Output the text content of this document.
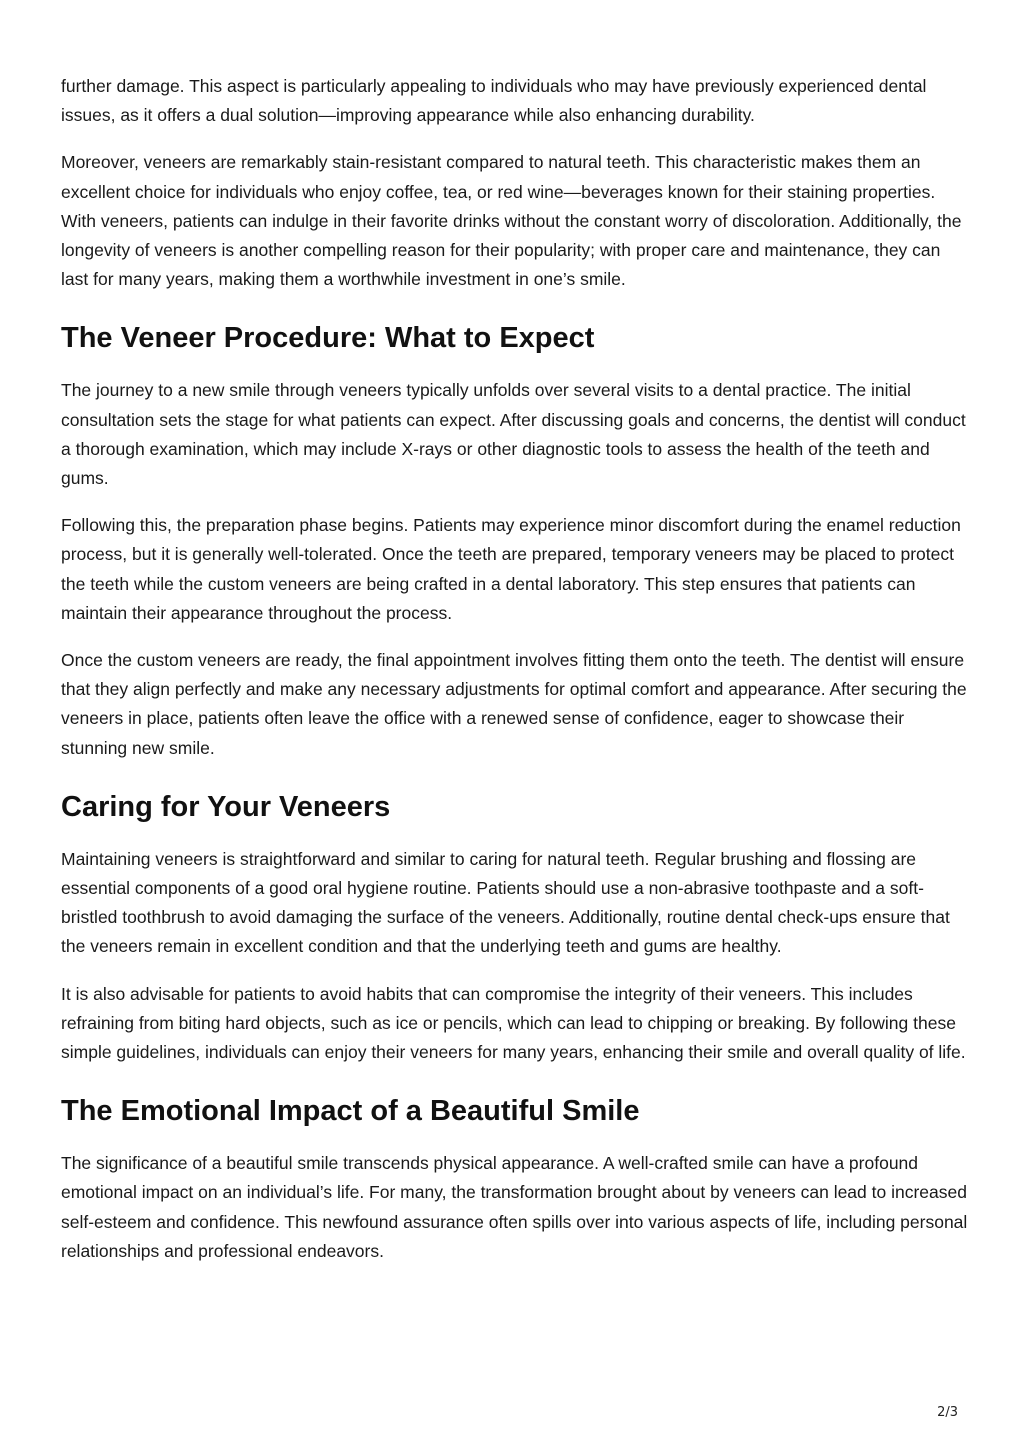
further damage. This aspect is particularly appealing to individuals who may have previously experienced dental issues, as it offers a dual solution—improving appearance while also enhancing durability.

Moreover, veneers are remarkably stain-resistant compared to natural teeth. This characteristic makes them an excellent choice for individuals who enjoy coffee, tea, or red wine—beverages known for their staining properties. With veneers, patients can indulge in their favorite drinks without the constant worry of discoloration. Additionally, the longevity of veneers is another compelling reason for their popularity; with proper care and maintenance, they can last for many years, making them a worthwhile investment in one’s smile.

The Veneer Procedure: What to Expect

The journey to a new smile through veneers typically unfolds over several visits to a dental practice. The initial consultation sets the stage for what patients can expect. After discussing goals and concerns, the dentist will conduct a thorough examination, which may include X-rays or other diagnostic tools to assess the health of the teeth and gums.

Following this, the preparation phase begins. Patients may experience minor discomfort during the enamel reduction process, but it is generally well-tolerated. Once the teeth are prepared, temporary veneers may be placed to protect the teeth while the custom veneers are being crafted in a dental laboratory. This step ensures that patients can maintain their appearance throughout the process.

Once the custom veneers are ready, the final appointment involves fitting them onto the teeth. The dentist will ensure that they align perfectly and make any necessary adjustments for optimal comfort and appearance. After securing the veneers in place, patients often leave the office with a renewed sense of confidence, eager to showcase their stunning new smile.

Caring for Your Veneers

Maintaining veneers is straightforward and similar to caring for natural teeth. Regular brushing and flossing are essential components of a good oral hygiene routine. Patients should use a non-abrasive toothpaste and a soft-bristled toothbrush to avoid damaging the surface of the veneers. Additionally, routine dental check-ups ensure that the veneers remain in excellent condition and that the underlying teeth and gums are healthy.

It is also advisable for patients to avoid habits that can compromise the integrity of their veneers. This includes refraining from biting hard objects, such as ice or pencils, which can lead to chipping or breaking. By following these simple guidelines, individuals can enjoy their veneers for many years, enhancing their smile and overall quality of life.

The Emotional Impact of a Beautiful Smile

The significance of a beautiful smile transcends physical appearance. A well-crafted smile can have a profound emotional impact on an individual’s life. For many, the transformation brought about by veneers can lead to increased self-esteem and confidence. This newfound assurance often spills over into various aspects of life, including personal relationships and professional endeavors.

2/3
